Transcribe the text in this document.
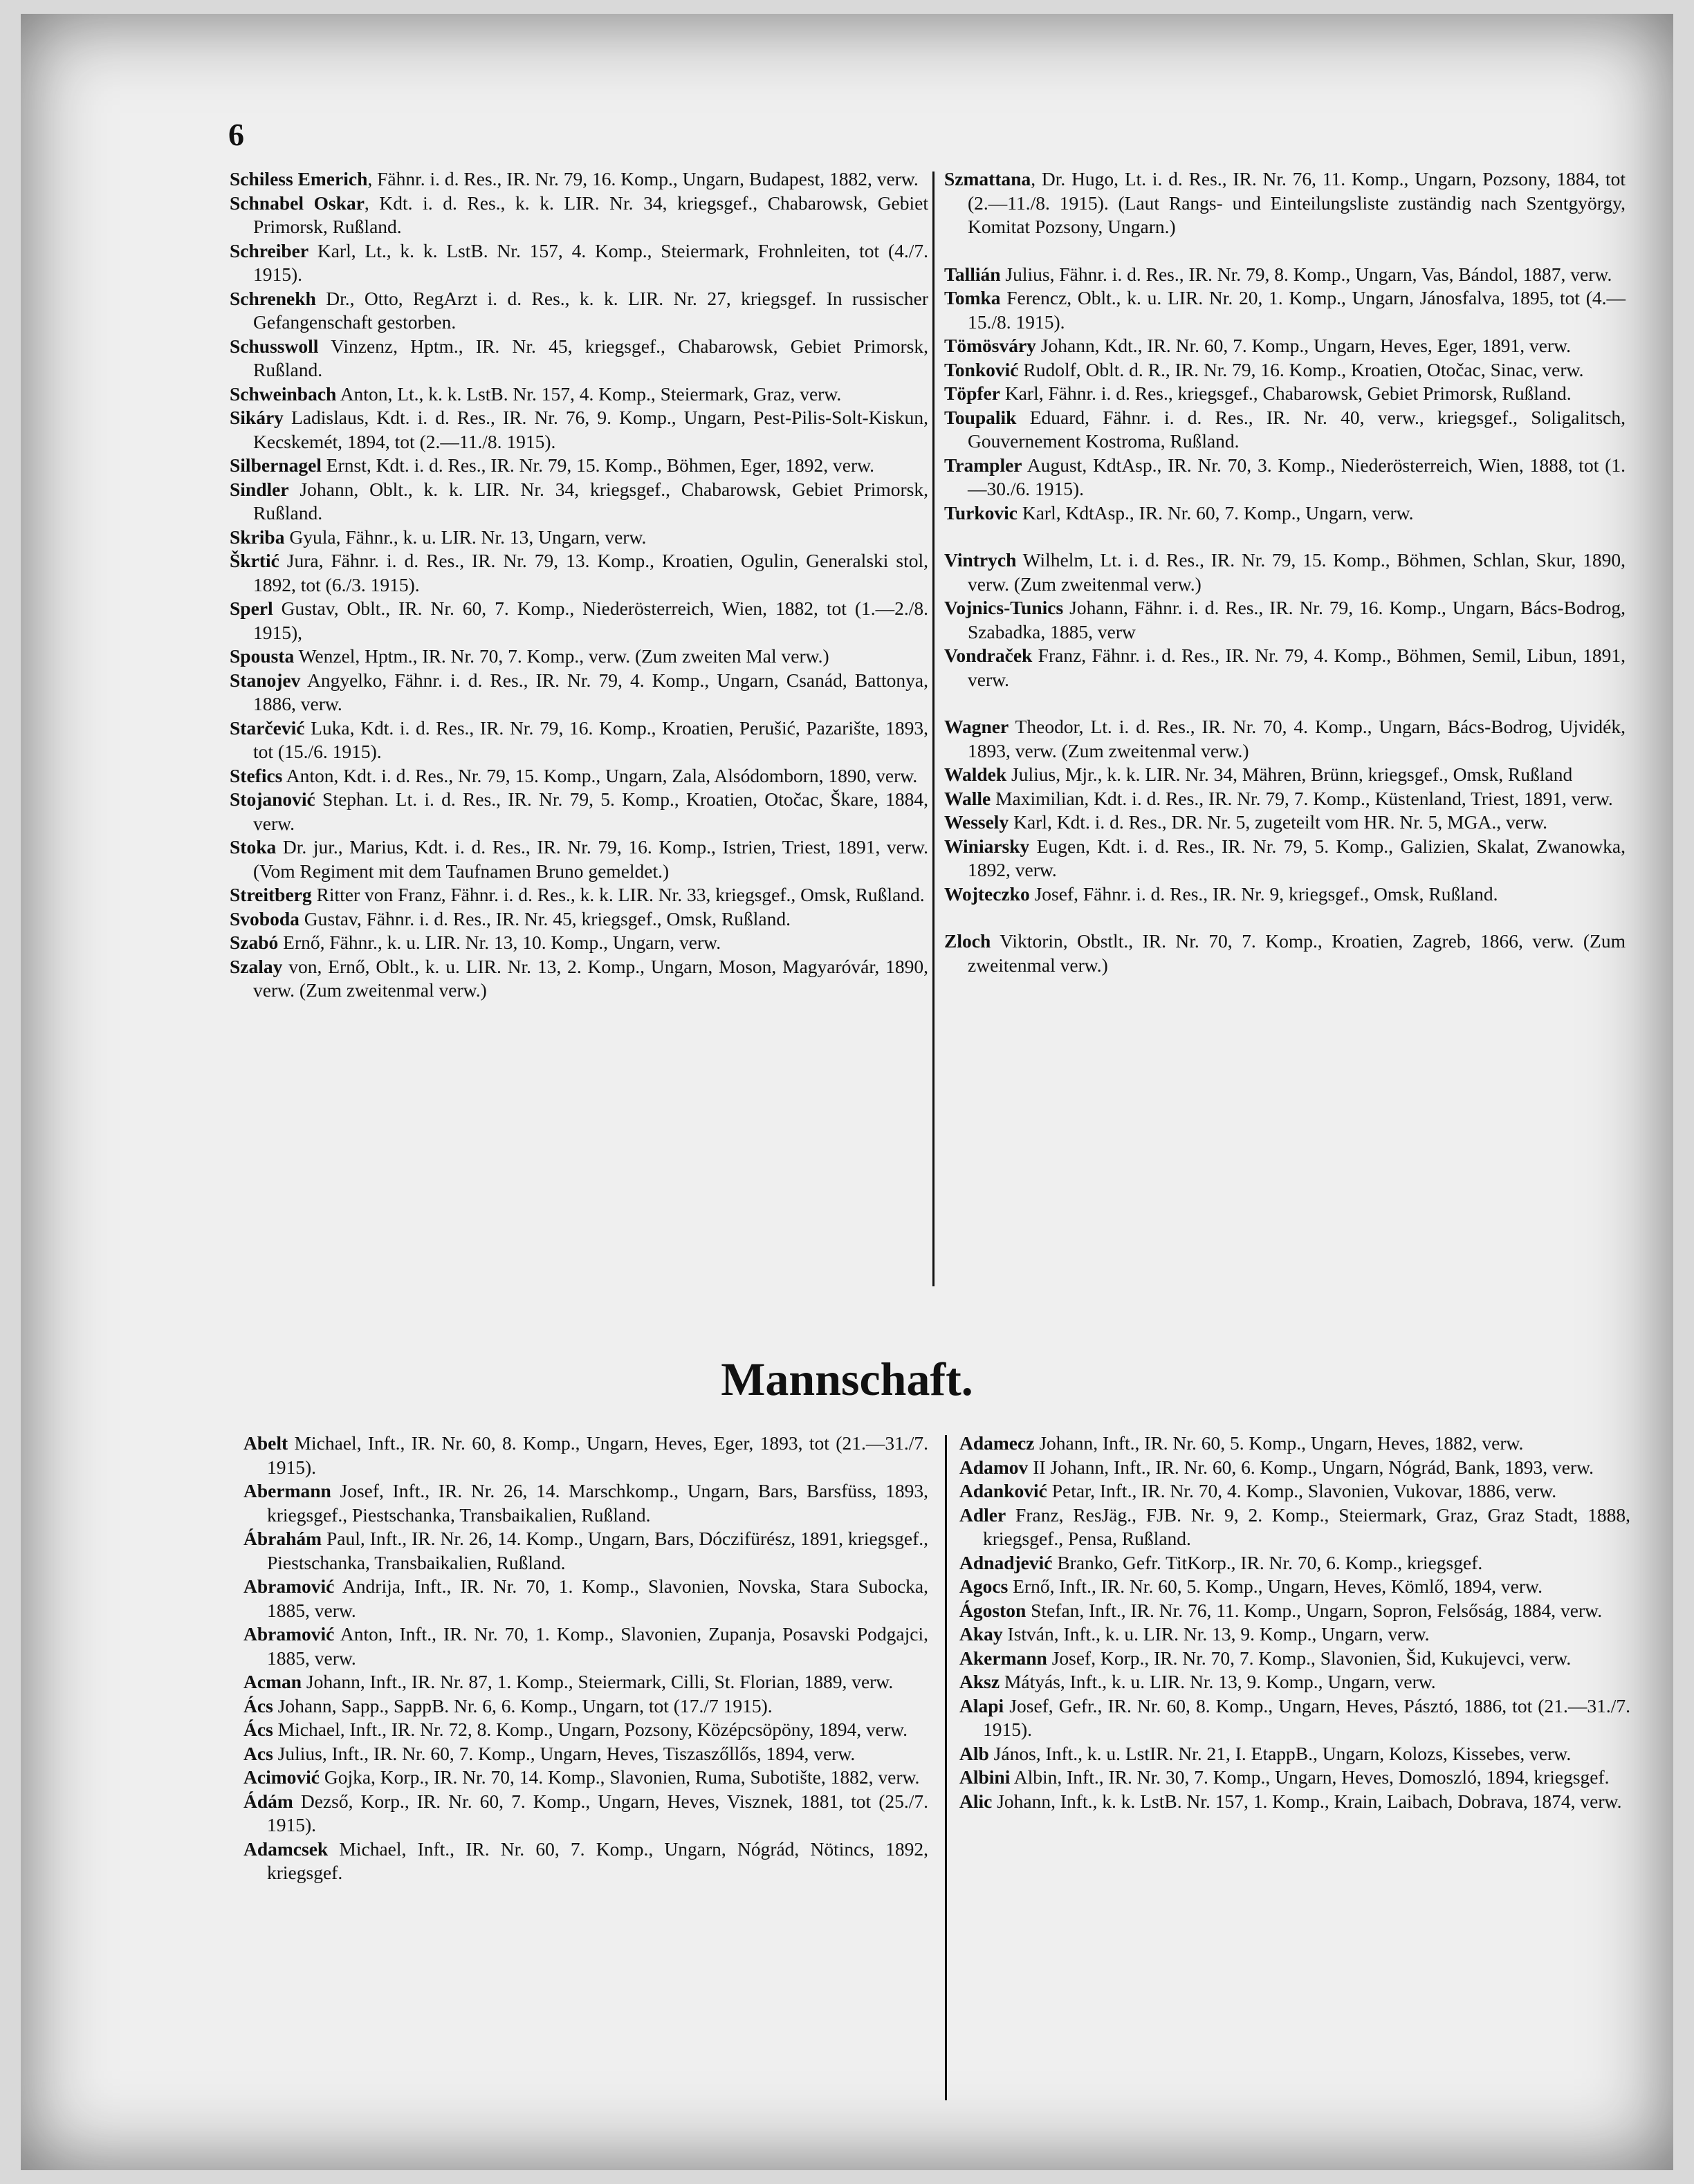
6

Schiless Emerich, Fähnr. i. d. Res., IR. Nr. 79, 16. Komp., Ungarn, Budapest, 1882, verw.

Schnabel Oskar, Kdt. i. d. Res., k. k. LIR. Nr. 34, kriegsgef., Chabarowsk, Gebiet Primorsk, Rußland.

Schreiber Karl, Lt., k. k. LstB. Nr. 157, 4. Komp., Steiermark, Frohnleiten, tot (4./7. 1915).

Schrenekh Dr., Otto, RegArzt i. d. Res., k. k. LIR. Nr. 27, kriegsgef. In russischer Gefangenschaft gestorben.

Schusswoll Vinzenz, Hptm., IR. Nr. 45, kriegsgef., Chabarowsk, Gebiet Primorsk, Rußland.

Schweinbach Anton, Lt., k. k. LstB. Nr. 157, 4. Komp., Steiermark, Graz, verw.

Sikáry Ladislaus, Kdt. i. d. Res., IR. Nr. 76, 9. Komp., Ungarn, Pest-Pilis-Solt-Kiskun, Kecskemét, 1894, tot (2.—11./8. 1915).

Silbernagel Ernst, Kdt. i. d. Res., IR. Nr. 79, 15. Komp., Böhmen, Eger, 1892, verw.

Sindler Johann, Oblt., k. k. LIR. Nr. 34, kriegsgef., Chabarowsk, Gebiet Primorsk, Rußland.

Skriba Gyula, Fähnr., k. u. LIR. Nr. 13, Ungarn, verw.

Škrtić Jura, Fähnr. i. d. Res., IR. Nr. 79, 13. Komp., Kroatien, Ogulin, Generalski stol, 1892, tot (6./3. 1915).

Sperl Gustav, Oblt., IR. Nr. 60, 7. Komp., Niederösterreich, Wien, 1882, tot (1.—2./8. 1915),

Spousta Wenzel, Hptm., IR. Nr. 70, 7. Komp., verw. (Zum zweiten Mal verw.)

Stanojev Angyelko, Fähnr. i. d. Res., IR. Nr. 79, 4. Komp., Ungarn, Csanád, Battonya, 1886, verw.

Starčević Luka, Kdt. i. d. Res., IR. Nr. 79, 16. Komp., Kroatien, Perušić, Pazarište, 1893, tot (15./6. 1915).

Stefics Anton, Kdt. i. d. Res., Nr. 79, 15. Komp., Ungarn, Zala, Alsódomborn, 1890, verw.

Stojanović Stephan. Lt. i. d. Res., IR. Nr. 79, 5. Komp., Kroatien, Otočac, Škare, 1884, verw.

Stoka Dr. jur., Marius, Kdt. i. d. Res., IR. Nr. 79, 16. Komp., Istrien, Triest, 1891, verw. (Vom Regiment mit dem Taufnamen Bruno gemeldet.)

Streitberg Ritter von Franz, Fähnr. i. d. Res., k. k. LIR. Nr. 33, kriegsgef., Omsk, Rußland.

Svoboda Gustav, Fähnr. i. d. Res., IR. Nr. 45, kriegsgef., Omsk, Rußland.

Szabó Ernő, Fähnr., k. u. LIR. Nr. 13, 10. Komp., Ungarn, verw.

Szalay von, Ernő, Oblt., k. u. LIR. Nr. 13, 2. Komp., Ungarn, Moson, Magyaróvár, 1890, verw. (Zum zweitenmal verw.)

Szmattana, Dr. Hugo, Lt. i. d. Res., IR. Nr. 76, 11. Komp., Ungarn, Pozsony, 1884, tot (2.—11./8. 1915). (Laut Rangs- und Einteilungsliste zuständig nach Szentgyörgy, Komitat Pozsony, Ungarn.)

Tallián Julius, Fähnr. i. d. Res., IR. Nr. 79, 8. Komp., Ungarn, Vas, Bándol, 1887, verw.

Tomka Ferencz, Oblt., k. u. LIR. Nr. 20, 1. Komp., Ungarn, Jánosfalva, 1895, tot (4.—15./8. 1915).

Tömösváry Johann, Kdt., IR. Nr. 60, 7. Komp., Ungarn, Heves, Eger, 1891, verw.

Tonković Rudolf, Oblt. d. R., IR. Nr. 79, 16. Komp., Kroatien, Otočac, Sinac, verw.

Töpfer Karl, Fähnr. i. d. Res., kriegsgef., Chabarowsk, Gebiet Primorsk, Rußland.

Toupalik Eduard, Fähnr. i. d. Res., IR. Nr. 40, verw., kriegsgef., Soligalitsch, Gouvernement Kostroma, Rußland.

Trampler August, KdtAsp., IR. Nr. 70, 3. Komp., Niederösterreich, Wien, 1888, tot (1.—30./6. 1915).

Turkovic Karl, KdtAsp., IR. Nr. 60, 7. Komp., Ungarn, verw.

Vintrych Wilhelm, Lt. i. d. Res., IR. Nr. 79, 15. Komp., Böhmen, Schlan, Skur, 1890, verw. (Zum zweitenmal verw.)

Vojnics-Tunics Johann, Fähnr. i. d. Res., IR. Nr. 79, 16. Komp., Ungarn, Bács-Bodrog, Szabadka, 1885, verw

Vondraček Franz, Fähnr. i. d. Res., IR. Nr. 79, 4. Komp., Böhmen, Semil, Libun, 1891, verw.

Wagner Theodor, Lt. i. d. Res., IR. Nr. 70, 4. Komp., Ungarn, Bács-Bodrog, Ujvidék, 1893, verw. (Zum zweitenmal verw.)

Waldek Julius, Mjr., k. k. LIR. Nr. 34, Mähren, Brünn, kriegsgef., Omsk, Rußland

Walle Maximilian, Kdt. i. d. Res., IR. Nr. 79, 7. Komp., Küstenland, Triest, 1891, verw.

Wessely Karl, Kdt. i. d. Res., DR. Nr. 5, zugeteilt vom HR. Nr. 5, MGA., verw.

Winiarsky Eugen, Kdt. i. d. Res., IR. Nr. 79, 5. Komp., Galizien, Skalat, Zwanowka, 1892, verw.

Wojteczko Josef, Fähnr. i. d. Res., IR. Nr. 9, kriegsgef., Omsk, Rußland.

Zloch Viktorin, Obstlt., IR. Nr. 70, 7. Komp., Kroatien, Zagreb, 1866, verw. (Zum zweitenmal verw.)

Mannschaft.

Abelt Michael, Inft., IR. Nr. 60, 8. Komp., Ungarn, Heves, Eger, 1893, tot (21.—31./7. 1915).

Abermann Josef, Inft., IR. Nr. 26, 14. Marschkomp., Ungarn, Bars, Barsfüss, 1893, kriegsgef., Piestschanka, Transbaikalien, Rußland.

Ábrahám Paul, Inft., IR. Nr. 26, 14. Komp., Ungarn, Bars, Dóczifürész, 1891, kriegsgef., Piestschanka, Transbaikalien, Rußland.

Abramović Andrija, Inft., IR. Nr. 70, 1. Komp., Slavonien, Novska, Stara Subocka, 1885, verw.

Abramović Anton, Inft., IR. Nr. 70, 1. Komp., Slavonien, Zupanja, Posavski Podgajci, 1885, verw.

Acman Johann, Inft., IR. Nr. 87, 1. Komp., Steiermark, Cilli, St. Florian, 1889, verw.

Ács Johann, Sapp., SappB. Nr. 6, 6. Komp., Ungarn, tot (17./7 1915).

Ács Michael, Inft., IR. Nr. 72, 8. Komp., Ungarn, Pozsony, Középcsöpöny, 1894, verw.

Acs Julius, Inft., IR. Nr. 60, 7. Komp., Ungarn, Heves, Tiszaszőllős, 1894, verw.

Acimović Gojka, Korp., IR. Nr. 70, 14. Komp., Slavonien, Ruma, Subotište, 1882, verw.

Ádám Dezső, Korp., IR. Nr. 60, 7. Komp., Ungarn, Heves, Visznek, 1881, tot (25./7. 1915).

Adamcsek Michael, Inft., IR. Nr. 60, 7. Komp., Ungarn, Nógrád, Nötincs, 1892, kriegsgef.

Adamecz Johann, Inft., IR. Nr. 60, 5. Komp., Ungarn, Heves, 1882, verw.

Adamov II Johann, Inft., IR. Nr. 60, 6. Komp., Ungarn, Nógrád, Bank, 1893, verw.

Adanković Petar, Inft., IR. Nr. 70, 4. Komp., Slavonien, Vukovar, 1886, verw.

Adler Franz, ResJäg., FJB. Nr. 9, 2. Komp., Steiermark, Graz, Graz Stadt, 1888, kriegsgef., Pensa, Rußland.

Adnadjević Branko, Gefr. TitKorp., IR. Nr. 70, 6. Komp., kriegsgef.

Agocs Ernő, Inft., IR. Nr. 60, 5. Komp., Ungarn, Heves, Kömlő, 1894, verw.

Ágoston Stefan, Inft., IR. Nr. 76, 11. Komp., Ungarn, Sopron, Felsőság, 1884, verw.

Akay István, Inft., k. u. LIR. Nr. 13, 9. Komp., Ungarn, verw.

Akermann Josef, Korp., IR. Nr. 70, 7. Komp., Slavonien, Šid, Kukujevci, verw.

Aksz Mátyás, Inft., k. u. LIR. Nr. 13, 9. Komp., Ungarn, verw.

Alapi Josef, Gefr., IR. Nr. 60, 8. Komp., Ungarn, Heves, Pásztó, 1886, tot (21.—31./7. 1915).

Alb János, Inft., k. u. LstIR. Nr. 21, I. EtappB., Ungarn, Kolozs, Kissebes, verw.

Albini Albin, Inft., IR. Nr. 30, 7. Komp., Ungarn, Heves, Domoszló, 1894, kriegsgef.

Alic Johann, Inft., k. k. LstB. Nr. 157, 1. Komp., Krain, Laibach, Dobrava, 1874, verw.
